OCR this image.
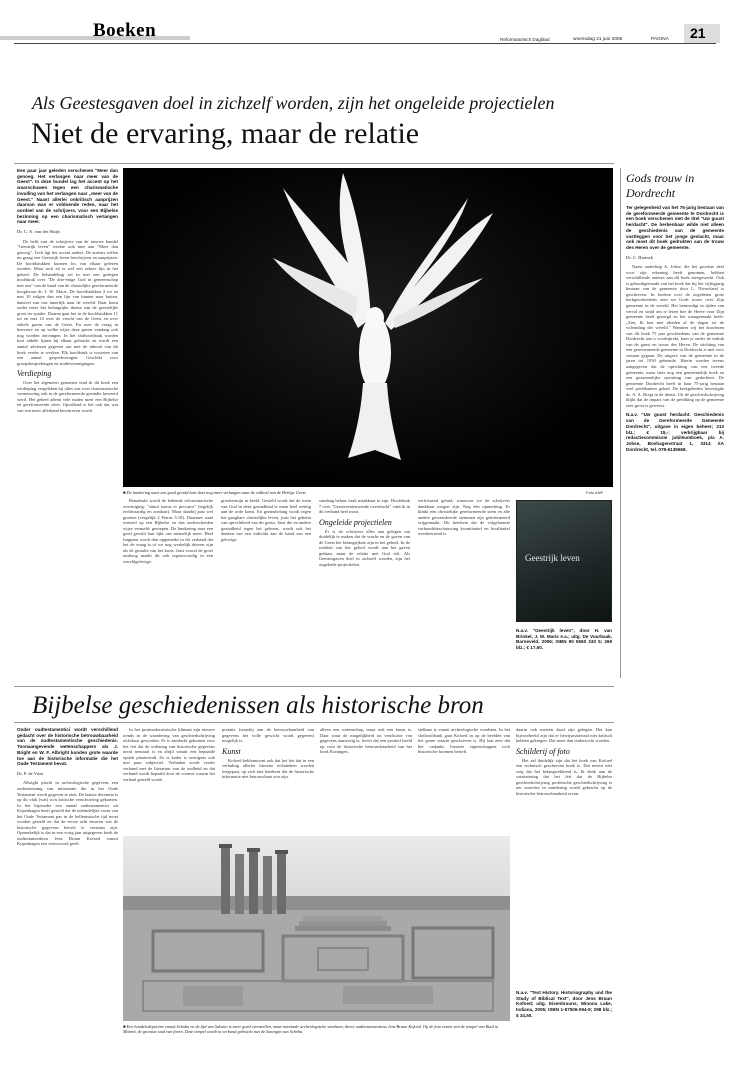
Boeken	Reformatorisch Dagblad	woensdag 21 juni 2006	PAGINA 21
Als Geestesgaven doel in zichzelf worden, zijn het ongeleide projectielen
Niet de ervaring, maar de relatie
Een paar jaar geleden verschenen "Meer dan genoeg. Het verlangen naar meer van de Geest". In deze bundel lag het accent op het waarschuwen tegen een charismatische invulling van het verlangen naar „meer van de Geest." Naast allerlei onkritisch aanprijzen daarvan was er voldoende reden, naar het oordeel van de schrijvers, voor een Bijbelse bezinning op een charismatisch verlangen naar meer.
Dr. C. A. van der Sluijs

De helft van de schrijvers van de nieuwe bundel "Geestrijk leven" werkte ook mee aan "Meer dan genoeg". Toch ligt het accent anders. De auteurs willen nu graag een Geestrijk leven beschrijven en aanprijzen. De hoofdstukken kunnen los van elkaar gelezen worden. Maar toch zit er wel een zekere lijn in het geheel. De behandeling zet in met een gedegen hoofdstuk over "De drie-enige God in gemeenschap met ons" van de hand van de christelijke gereformeerde hoogleraar dr. J. W. Maris. De hoofdstukken 2 tot en met 10 volgen dan een lijn van binnen naar buiten, dansvel van ons innerlijk naar de wereld. Daar komt onder meer het belangrijke thema van de geestelijke groei ter sprake. Daarna gaat het in de hoofdstukken 11 tot en met 14 over de vrucht van de Geest en over enkele gaven van de Geest. En over de vraag in hoeverre en op welke wijze deze gaven vandaag ook nog worden ontvangen. In het slothoofdstuk worden kort enkele lijnen bij elkaar gebracht en wordt een aantal adviezen gegeven om met de inhoud van dit boek verder te werken. Elk hoofdstuk is voorzien van een aantal gespreksvragen. Geschikt voor groepsbesprekingen en studieverenigingen.

Verdieping

Over het algemeen genomen vind ik dit boek een verdieping vergeleken bij alles wat over charismatische vernieuwing ook in de gereformeerde gezindte beweerd werd. Het geheel ademt vele malen meer een Bijbelse en gereformeerde sfeer. Opvallend is het ook dat wat van een meer allerhand beschreven wordt.

■ De hunkering naar een goed gevuld hart doet nog meer verlangen naar de volheid van de Heilige Geest.	Foto ANP

Benadrukt wordt de bekende reformatorische overtuiging: "simul iustus et peccator" (tegelijk rechtvaardig en zondaar). Maar daarbij past wel groeien (vergelijk 2 Petrus 3:18). Daarmee staat eveneel op een Bijbelse en dus onderscheiden wijze vermeld: geroepen. De hunkering naar een goed gevuld hart lijkt ons menselijk meer. Heel frappant wordt dan opgemerkt in dit verband dat het de vraag is of we nog werkelijk durven zijn als de gestalte van het kruis. Juist vooral de groei omhoog maakt dit ook tegenwoordig in een wereldgelovige.

groeitermijn in beeld. Gesteld wordt dat de roem van God in deze gezindheid te maar heel weinig aan de orde komt. En gezinsbelang wordt tegen het gangbare christelijke leven, juist het geheim van oprechtheid van dit gezin. Juist die en andere gezindheid tegen het gelezen, wordt ook het denken van een individu aan de hand van een gelovige.

vandaag helaas vaak maakbaar te zijn. Hoofdstuk 7 over "Geestvernieuwende overdracht" vind ik in dit verband heel mooi.

Ongeleide projectielen

Er is de schrijvers alles aan gelegen om duidelijk te maken dat de vrucht en de gaven van de Geest het belangrijkste zijn in het geheel. In de realiteit van het geloof wordt aan het gaven gedaan, maar de relatie met God telt. Als Geestesgaven doel in zichzelf worden, zijn het ongeleide projectielen.

verfrissend geluid, waarvoor we de schrijvers dankbaar mogen zijn. Nog één opmerking. Er klinkt een christelijke gereformeerde stem en alle andere gewaardeerde stemmen zijn geïnformeerd vrijgemaakt. Dit betekent dat de volgelaanste verbondsbeschouwing kwantitatief en kwalitatief overheersend is.

Geestrijk leven

N.a.v. "Geestrijk leven", door H. van Brinkel, J. W. Maris e.a.; uitg. De Vuurbaak, Barneveld, 2006; ISBN 90 5560 333 5; 269 blz.; € 17,50.

Gods trouw in Dordrecht
Ter gelegenheid van het 75-jarig bestaan van de gereformeerde gemeente te Dordrecht is een boek verschenen met de titel "Uw guust herdacht". De herkenbaar wilde niet alleen de geschiedenis van de gemeente vastleggen voor het jonge geslacht, maar ook moet dit boek gedrukten aan de trouw des Heren over de gemeente.
Dr. C. Harinck

Naast ouderling A. Jobse, die het grootste deel voor zijn rekening heeft genomen, hebben verschillende auteurs aan dit boek meegewerkt. Ook is gebruikgemaakt van het boek dat bij het vijftigjarig bestaan van de gemeente door L. Nieuwland is geschreven. In boeken over de zogeheten grote kerkgeschiedenis zien we Gods trouw over Zijn gemeente in de wereld. Het bemoedigt in tijden van verval en strijd om te lezen hoe de Heere voor Zijn gemeente heeft gezorgd en het waargemaakt heeft: „Ziet, Ik ben met ulieden al de dagen tot de voleinding der wereld." Wanneer wij het doorlezen van dit boek 75 jaar geschiedenis van de gemeente Dordrecht aan u voorbijtrekt, kom je onder de indruk van de gunst en trouw des Heren. De stichting van een gereformeerde gemeente in Dordrecht is niet voor zomaar gegaan. De uitgave van de gemeente in de jaren tot 1930 gebeurde. Hierin worden tevens aangegeven dat de oprichting van een tweede gemeente, maar later nog een gemeentelijk boek en een gezamenlijke opvatting van gedachten. De gemeente Dordrecht heeft in haar 75-jarig bestaan veel predikanten gehad. De kerkgebeden bevestigde ds. A. A. Bregt in de dienst. Uit de geschiedschrijving blijkt dat de impact van de prediking op de gemeente zeer groot is geweest.

N.a.v. "Uw guust herdacht. Geschiedenis van de Gereformeerde Gemeente Dordrecht", uitgave in eigen beheer; 213 blz.; € 15,-; verkrijgbaar bij redactiecommissie jubileumboek, p/a A. Jobse, Boshagenstraat 1, 3314 XA Dordrecht, tel. 078-6135668.

Bijbelse geschiedenissen als historische bron
Onder oudtestamentici wordt verschillend gedacht over de historische betrouwbaarheid van de oudtestamentische geschiedenis. Toonaangevende wetenschappers als J. Bright en W. F. Albright konden grote waarde toe aan de historische informatie die het Oude Testament bevat.
Dr. P. de Vries

Albright placht in archeologische gegevens een ondersteuning van informatie die in het Oude Testament wordt gegeven te zien. De laatste decennia is op dit vlak (wat) zo'n kritische verschuiving gekomen. In het bijzonder een aantal oudtestamentici uit Kopenhagen heeft gesteld dat de uiteindelijke vorm van het Oude Testament pas in de hellenistische tijd moet worden gesteld en dat de eerste acht eeuwen wat de historische gegevens betreft te verstaan zijn. Opmerkelijk is dat in een vorig jaar uitgegeven boek de oudtestamenticus Jens Bruun Kofoed vanuit Kopenhagen een weerwoord geeft.

In het postmodernistische klimaat zijn nieuwe trends in de waardering van geschiedschrijving zichtbaar geworden. Er is aandacht gekomen voor het feit dat de ordening van historische gegevens nooit neutraal is en altijd vanuit een bepaalde optiek plaatsvindt. Zo is kader is overigens ook niet puur subjectief. Verbaden wordt verder verband met de literatuur van de oudheid en dat verband wordt bepaald door de context waarin het verhaal gesteld wordt.

pretatie (waarbij aan de betrouwbaarheid van gegevens het volle gewicht wordt gegeven) mogelijk is.

Kunst

Kofoed beklemtoont ook dat het feit dat in een verhaling allerlei literaire technieken worden toegepast, op zich niet betekent dat de historische informatie niet betrouwbaar zou zijn.

alleen een wetenschap, maar ook een kunst is. Daar waar de mogelijkheid tot verificatie van gegevens aanwezig is, levert dat een positief beeld op voor de historische betrouwbaarheid van het boek Koningen.

stelbaar is vanuit archeologische vondsten. In het slothoofdstuk gaat Kofoed in op de beelden van het genre waarin geschreven is. Hij laat zien dat het ondanks literaire eigenschappen toch historische bronnen betreft.

daarin ook meteen daad zijn gelegen. Het kan bijvoorbeeld zijn dat er bewijsmateriaal niet kritisch hebben gekregen. Dat moet dan onderzocht worden.

Schilderij of foto

Het zal duidelijk zijn dat het boek van Kofoed een technisch geschreven boek is. Dat neemt niet weg dat het belangwekkend is. Ik denk aan de constatering dat het feit dat de Bijbelse geschiedschrijving profetische geschiedschrijving is ten onrechte in mindering wordt gebracht op de historische betrouwbaarheid ervan.

N.a.v. "Text History. Historiography and the Study of Biblical Text", door Jens Bruun Kofoed; uitg. Eisenbrauns, Winona Lake, Indiana, 2005; ISBN 1-57506-094-9; 298 blz.; $ 34,50.

■ Een handelsdepotiine vanuit Schoba en de tijd van Salomo is meer goed evenstellen, maar minimale archeologische vondsten, direct ouditestamenticus Jens Bruun Kofoed. Op de foto resten van de tempel van Baal in Mareth, de grootste stad van fenen. Deze tempel wordt in verband gebracht met de koningin van Scheba.
